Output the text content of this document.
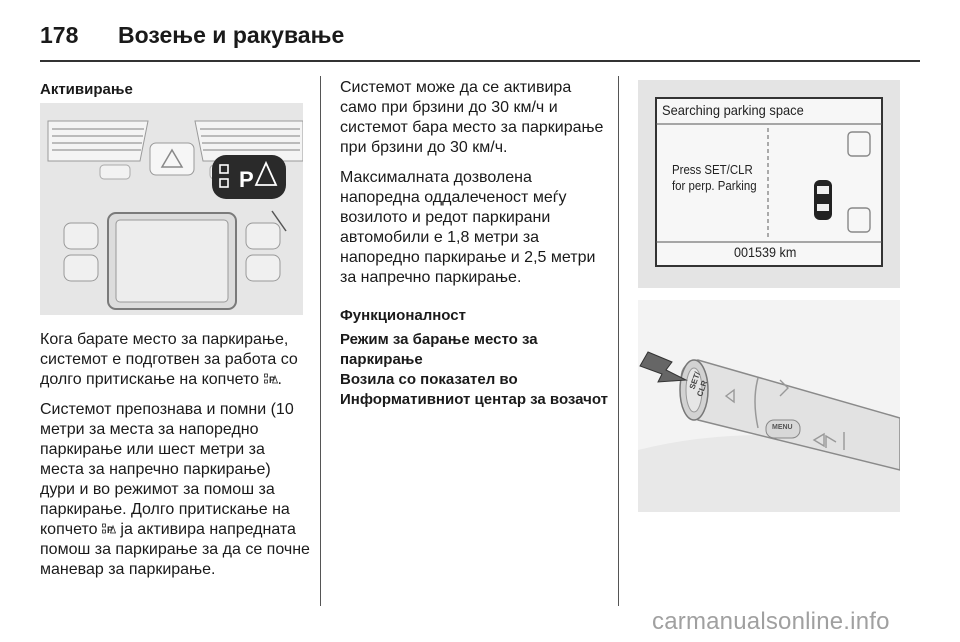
178 Возење и ракување
Активирање
P

Кога барате место за паркирање, системот е подготвен за работа со долго притискање на копчето P .

Системот препознава и помни (10 метри за места за напоредно паркирање или шест метри за места за напречно паркирање) дури и во режимот за помош за паркирање. Долго притискање на копчето P ја активира напредната помош за паркирање за да се почне маневар за паркирање.

Системот може да се активира само при брзини до 30 км/ч и системот бара место за паркирање при брзини до 30 км/ч.

Максималната дозволена напоредна оддалеченост меѓу возилото и редот паркирани автомобили е 1,8 метри за напоредно паркирање и 2,5 метри за напречно паркирање.

Функционалност
Режим за барање место за паркирање
Возила со показател во Информативниот центар за возачот
Searching parking space
Press SET/CLR
for perp. Parking
001539 km
SET/
CLR
MENU
carmanualsonline.info
